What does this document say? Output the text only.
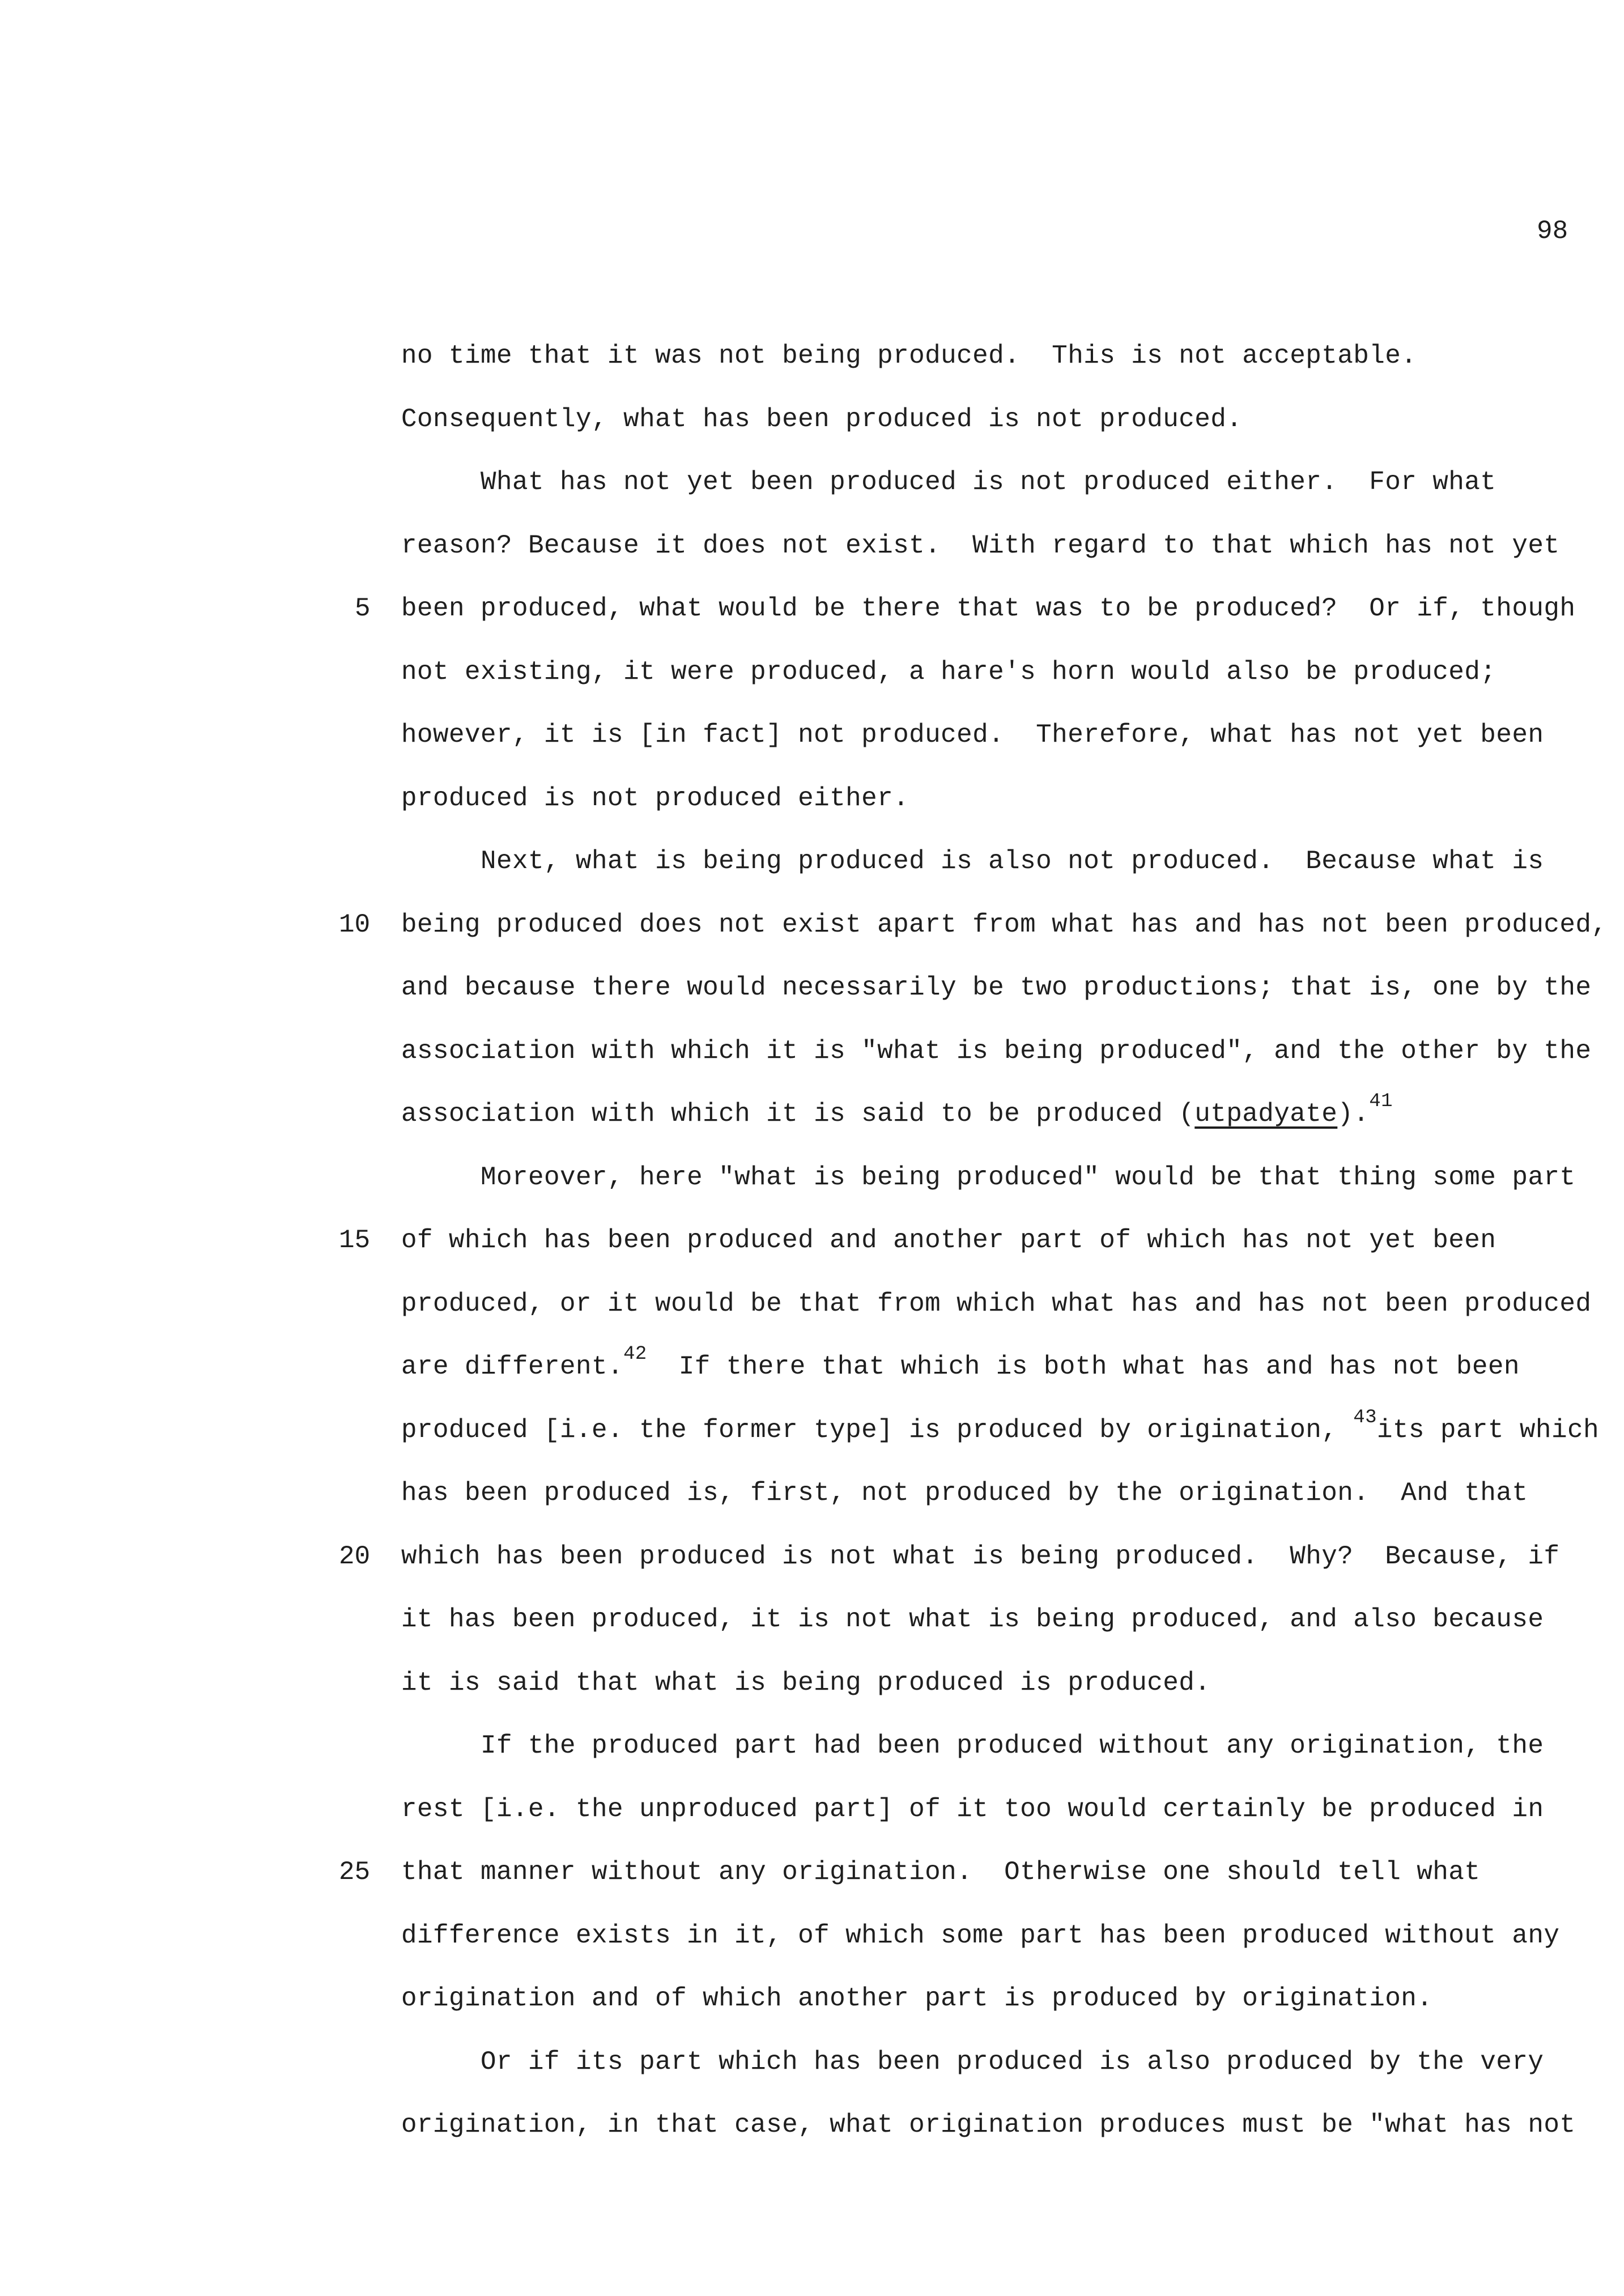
98
no time that it was not being produced.  This is not acceptable.
Consequently, what has been produced is not produced.
What has not yet been produced is not produced either.  For what
reason? Because it does not exist.  With regard to that which has not yet
been produced, what would be there that was to be produced?  Or if, though
not existing, it were produced, a hare's horn would also be produced;
however, it is [in fact] not produced.  Therefore, what has not yet been
produced is not produced either.
Next, what is being produced is also not produced.  Because what is
being produced does not exist apart from what has and has not been produced,
and because there would necessarily be two productions; that is, one by the
association with which it is "what is being produced", and the other by the
association with which it is said to be produced (utpadyate).$^{41}$
Moreover, here "what is being produced" would be that thing some part
of which has been produced and another part of which has not yet been
produced, or it would be that from which what has and has not been produced
are different.$^{42}$  If there that which is both what has and has not been
produced [i.e. the former type] is produced by origination, $^{43}$its part which
has been produced is, first, not produced by the origination.  And that
which has been produced is not what is being produced.  Why?  Because, if
it has been produced, it is not what is being produced, and also because
it is said that what is being produced is produced.
If the produced part had been produced without any origination, the
rest [i.e. the unproduced part] of it too would certainly be produced in
that manner without any origination.  Otherwise one should tell what
difference exists in it, of which some part has been produced without any
origination and of which another part is produced by origination.
Or if its part which has been produced is also produced by the very
origination, in that case, what origination produces must be "what has not
5
10
15
20
25
